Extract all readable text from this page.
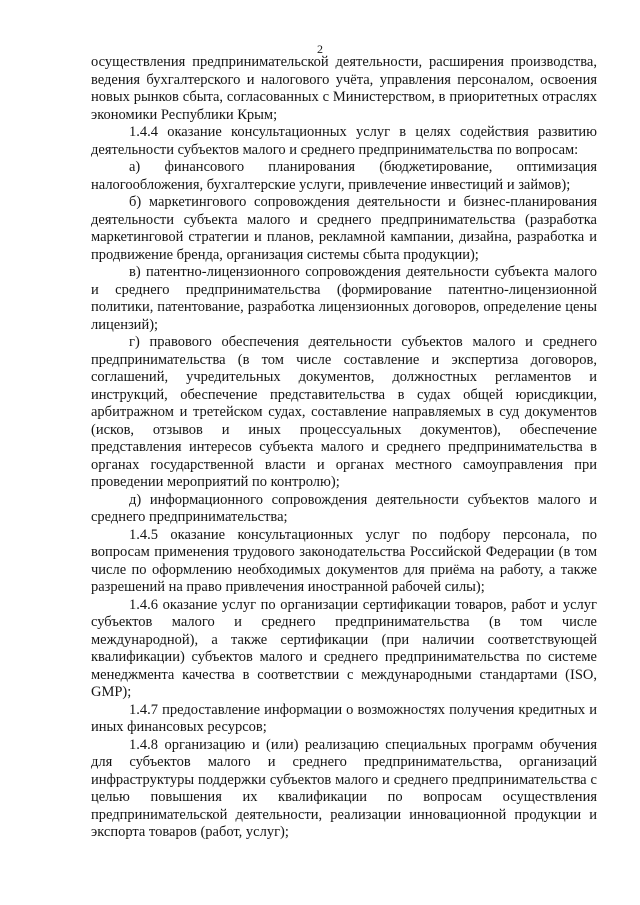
2

осуществления предпринимательской деятельности, расширения производства, ведения бухгалтерского и налогового учёта, управления персоналом, освоения новых рынков сбыта, согласованных с Министерством, в приоритетных отраслях экономики Республики Крым;

1.4.4 оказание консультационных услуг в целях содействия развитию деятельности субъектов малого и среднего предпринимательства по вопросам:

а) финансового планирования (бюджетирование, оптимизация налогообложения, бухгалтерские услуги, привлечение инвестиций и займов);

б) маркетингового сопровождения деятельности и бизнес-планирования деятельности субъекта малого и среднего предпринимательства (разработка маркетинговой стратегии и планов, рекламной кампании, дизайна, разработка и продвижение бренда, организация системы сбыта продукции);

в) патентно-лицензионного сопровождения деятельности субъекта малого и среднего предпринимательства (формирование патентно-лицензионной политики, патентование, разработка лицензионных договоров, определение цены лицензий);

г) правового обеспечения деятельности субъектов малого и среднего предпринимательства (в том числе составление и экспертиза договоров, соглашений, учредительных документов, должностных регламентов и инструкций, обеспечение представительства в судах общей юрисдикции, арбитражном и третейском судах, составление направляемых в суд документов (исков, отзывов и иных процессуальных документов), обеспечение представления интересов субъекта малого и среднего предпринимательства в органах государственной власти и органах местного самоуправления при проведении мероприятий по контролю);

д) информационного сопровождения деятельности субъектов малого и среднего предпринимательства;

1.4.5 оказание консультационных услуг по подбору персонала, по вопросам применения трудового законодательства Российской Федерации (в том числе по оформлению необходимых документов для приёма на работу, а также разрешений на право привлечения иностранной рабочей силы);

1.4.6 оказание услуг по организации сертификации товаров, работ и услуг субъектов малого и среднего предпринимательства (в том числе международной), а также сертификации (при наличии соответствующей квалификации) субъектов малого и среднего предпринимательства по системе менеджмента качества в соответствии с международными стандартами (ISO, GMP);

1.4.7 предоставление информации о возможностях получения кредитных и иных финансовых ресурсов;

1.4.8 организацию и (или) реализацию специальных программ обучения для субъектов малого и среднего предпринимательства, организаций инфраструктуры поддержки субъектов малого и среднего предпринимательства с целью повышения их квалификации по вопросам осуществления предпринимательской деятельности, реализации инновационной продукции и экспорта товаров (работ, услуг);
